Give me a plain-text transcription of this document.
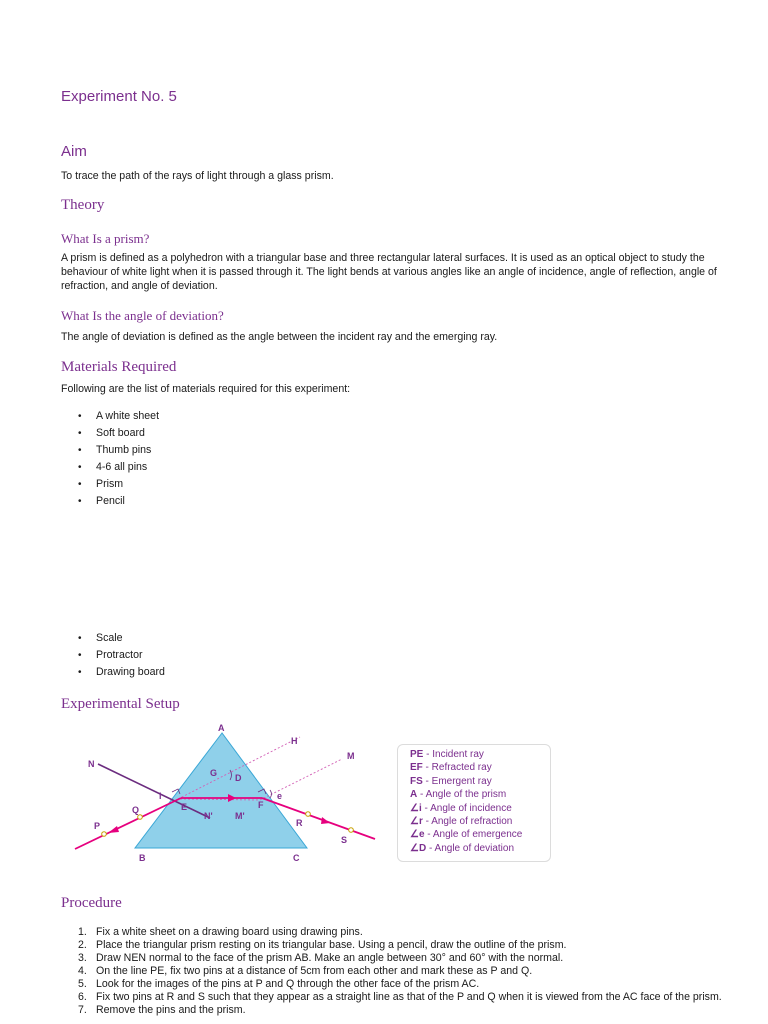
Experiment No. 5
Aim

To trace the path of the rays of light through a glass prism.

Theory
What Is a prism?

A prism is defined as a polyhedron with a triangular base and three rectangular lateral surfaces. It is used as an optical object to study the behaviour of white light when it is passed through it. The light bends at various angles like an angle of incidence, angle of reflection, angle of refraction, and angle of deviation.

What Is the angle of deviation?

The angle of deviation is defined as the angle between the incident ray and the emerging ray.

Materials Required

Following are the list of materials required for this experiment:

• A white sheet
• Soft board
• Thumb pins
• 4-6 all pins
• Prism
• Pencil
• Scale
• Protractor
• Drawing board
Experimental Setup
A
B	C
H
M
N
G D
i
E	F
e
Q
P
N' M'
R
S
PE - Incident ray
EF - Refracted ray
FS - Emergent ray
A - Angle of the prism
∠i - Angle of incidence
∠r - Angle of refraction
∠e - Angle of emergence
∠D - Angle of deviation
Procedure
1. Fix a white sheet on a drawing board using drawing pins.
2. Place the triangular prism resting on its triangular base. Using a pencil, draw the outline of the prism.
3. Draw NEN normal to the face of the prism AB. Make an angle between 30° and 60° with the normal.
4. On the line PE, fix two pins at a distance of 5cm from each other and mark these as P and Q.
5. Look for the images of the pins at P and Q through the other face of the prism AC.
6. Fix two pins at R and S such that they appear as a straight line as that of the P and Q when it is viewed from the AC face of the prism.
7. Remove the pins and the prism.
